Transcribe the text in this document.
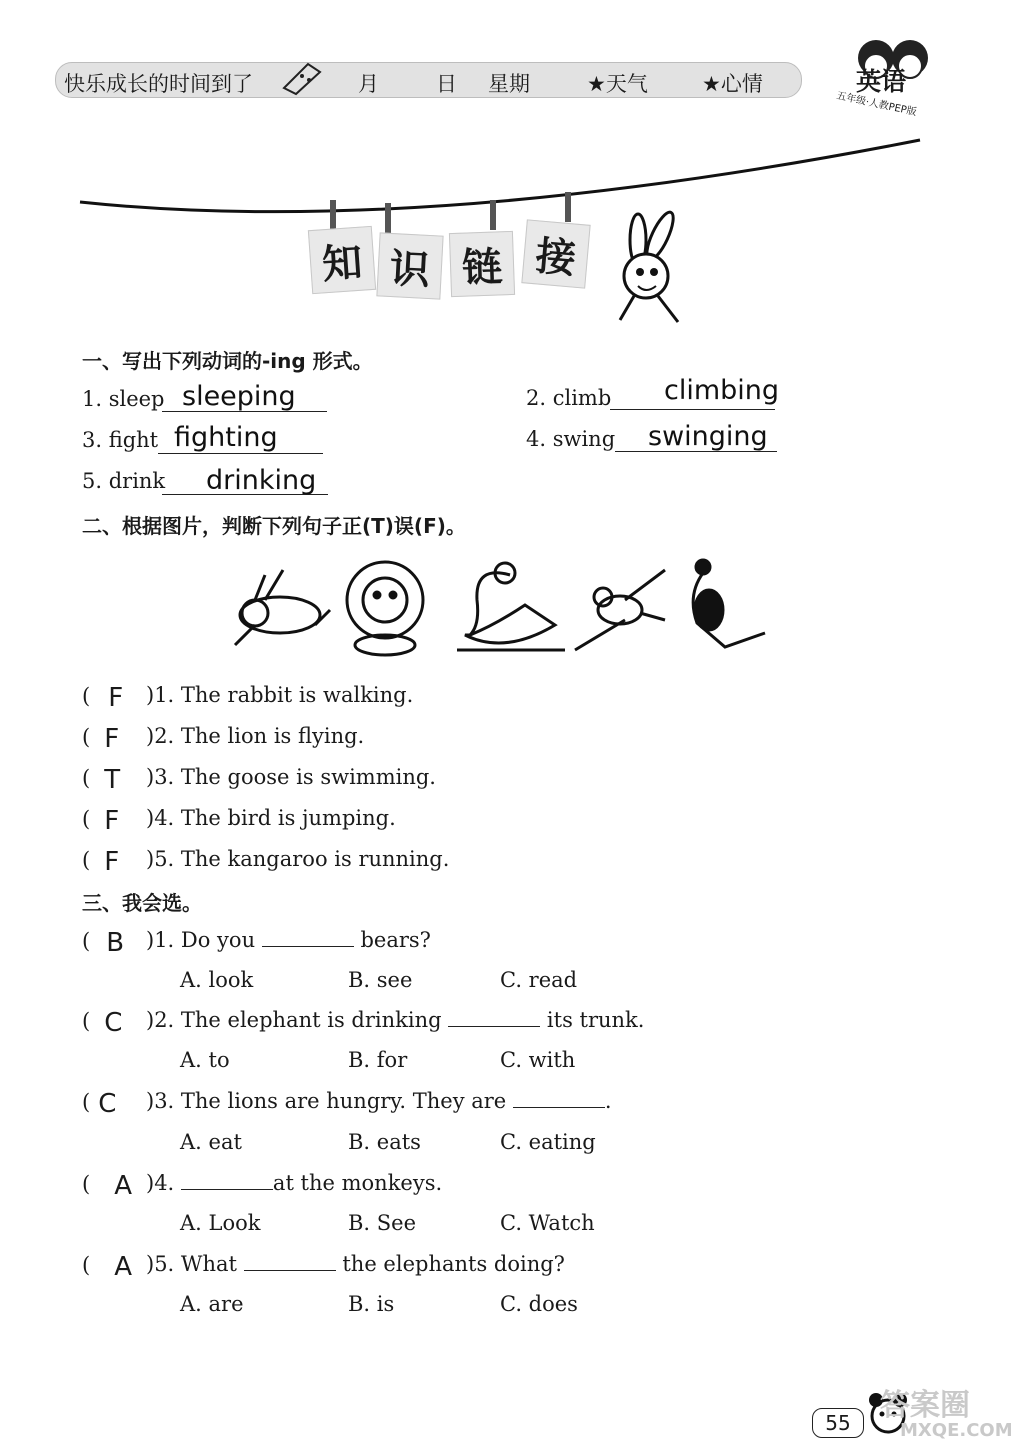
快乐成长的时间到了	月	日 星期	★天气	★心情	英语
五年级·人教PEP版
知 识 链 接
一、写出下列动词的-ing 形式。
1. sleep sleeping	2. climb climbing
3. fight fighting	4. swing swinging
5. drink drinking
二、根据图片，判断下列句子正(T)误(F)。
( F )1. The rabbit is walking.
( F )2. The lion is flying.
( T )3. The goose is swimming.
( F )4. The bird is jumping.
( F )5. The kangaroo is running.
三、我会选。
( B )1. Do you	bears?
A. look	B. see	C. read
( C )2. The elephant is drinking	its trunk.
A. to	B. for	C. with
( C )3. The lions are hungry. They are	.
A. eat	B. eats	C. eating
( A )4.	at the monkeys.
A. Look	B. See	C. Watch
( A )5. What	the elephants doing?
A. are	B. is	C. does
55 答案圈
MXQE.COM
